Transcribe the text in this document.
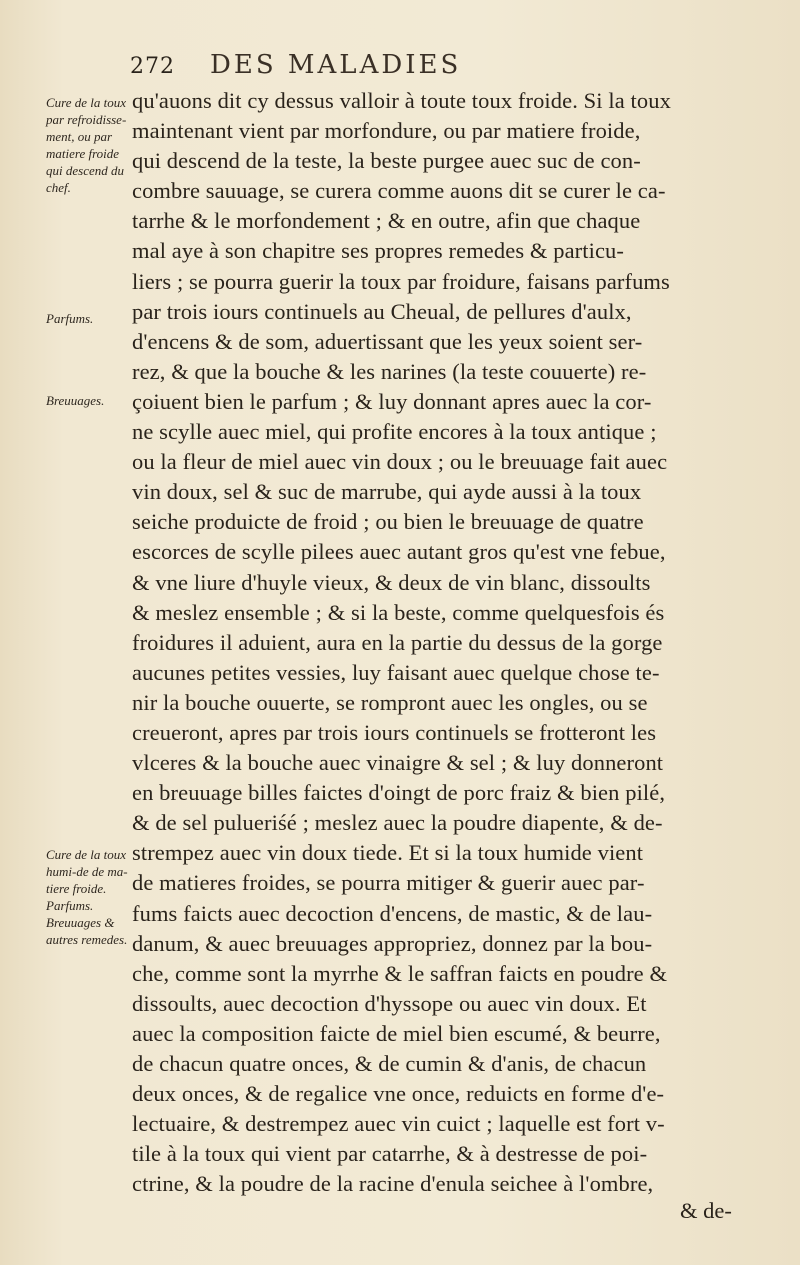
272 DES MALADIES
Cure de la toux par refroidisse-ment, ou par matiere froide qui descend du chef.
Parfums.
Breuuages.
Cure de la toux humi-de de ma-tiere froide. Parfums. Breuuages & autres remedes.
qu'auons dit cy dessus valloir à toute toux froide. Si la toux
maintenant vient par morfondure, ou par matiere froide,
qui descend de la teste, la beste purgee auec suc de con-
combre sauuage, se curera comme auons dit se curer le ca-
tarrhe & le morfondement ; & en outre, afin que chaque
mal aye à son chapitre ses propres remedes & particu-
liers ; se pourra guerir la toux par froidure, faisans parfums
par trois iours continuels au Cheual, de pellures d'aulx,
d'encens & de som, aduertissant que les yeux soient ser-
rez, & que la bouche & les narines (la teste couuerte) re-
çoiuent bien le parfum ; & luy donnant apres auec la cor-
ne scylle auec miel, qui profite encores à la toux antique ;
ou la fleur de miel auec vin doux ; ou le breuuage fait auec
vin doux, sel & suc de marrube, qui ayde aussi à la toux
seiche produicte de froid ; ou bien le breuuage de quatre
escorces de scylle pilees auec autant gros qu'est vne febue,
& vne liure d'huyle vieux, & deux de vin blanc, dissoults
& meslez ensemble ; & si la beste, comme quelquesfois és
froidures il aduient, aura en la partie du dessus de la gorge
aucunes petites vessies, luy faisant auec quelque chose te-
nir la bouche ouuerte, se rompront auec les ongles, ou se
creueront, apres par trois iours continuels se frotteront les
vlceres & la bouche auec vinaigre & sel ; & luy donneront
en breuuage billes faictes d'oingt de porc fraiz & bien pilé,
& de sel pulueriśé ; meslez auec la poudre diapente, & de-
strempez auec vin doux tiede. Et si la toux humide vient
de matieres froides, se pourra mitiger & guerir auec par-
fums faicts auec decoction d'encens, de mastic, & de lau-
danum, & auec breuuages appropriez, donnez par la bou-
che, comme sont la myrrhe & le saffran faicts en poudre &
dissoults, auec decoction d'hyssope ou auec vin doux. Et
auec la composition faicte de miel bien escumé, & beurre,
de chacun quatre onces, & de cumin & d'anis, de chacun
deux onces, & de regalice vne once, reduicts en forme d'e-
lectuaire, & destrempez auec vin cuict ; laquelle est fort v-
tile à la toux qui vient par catarrhe, & à destresse de poi-
ctrine, & la poudre de la racine d'enula seichee à l'ombre,
& de-
